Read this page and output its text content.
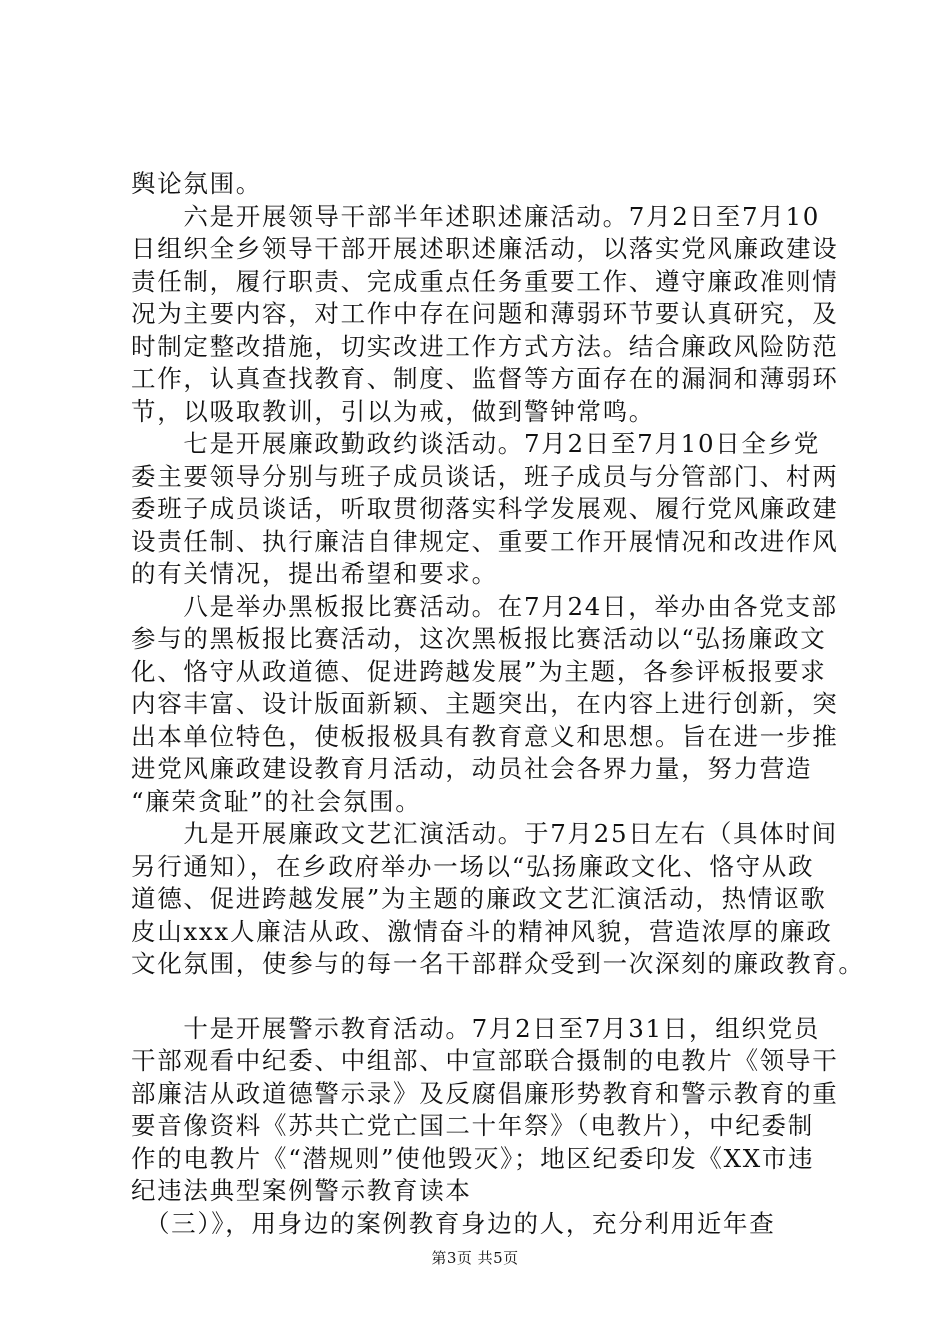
舆论氛围。
　　六是开展领导干部半年述职述廉活动。7月2日至7月10
日组织全乡领导干部开展述职述廉活动，以落实党风廉政建设
责任制，履行职责、完成重点任务重要工作、遵守廉政准则情
况为主要内容，对工作中存在问题和薄弱环节要认真研究，及
时制定整改措施，切实改进工作方式方法。结合廉政风险防范
工作，认真查找教育、制度、监督等方面存在的漏洞和薄弱环
节，以吸取教训，引以为戒，做到警钟常鸣。
　　七是开展廉政勤政约谈活动。7月2日至7月10日全乡党
委主要领导分别与班子成员谈话，班子成员与分管部门、村两
委班子成员谈话，听取贯彻落实科学发展观、履行党风廉政建
设责任制、执行廉洁自律规定、重要工作开展情况和改进作风
的有关情况，提出希望和要求。
　　八是举办黑板报比赛活动。在7月24日，举办由各党支部
参与的黑板报比赛活动，这次黑板报比赛活动以“弘扬廉政文
化、恪守从政道德、促进跨越发展”为主题，各参评板报要求
内容丰富、设计版面新颖、主题突出，在内容上进行创新，突
出本单位特色，使板报极具有教育意义和思想。旨在进一步推
进党风廉政建设教育月活动，动员社会各界力量，努力营造
“廉荣贪耻”的社会氛围。
　　九是开展廉政文艺汇演活动。于7月25日左右（具体时间
另行通知），在乡政府举办一场以“弘扬廉政文化、恪守从政
道德、促进跨越发展”为主题的廉政文艺汇演活动，热情讴歌
皮山xxx人廉洁从政、激情奋斗的精神风貌，营造浓厚的廉政
文化氛围，使参与的每一名干部群众受到一次深刻的廉政教育。
　　十是开展警示教育活动。7月2日至7月31日，组织党员
干部观看中纪委、中组部、中宣部联合摄制的电教片《领导干
部廉洁从政道德警示录》及反腐倡廉形势教育和警示教育的重
要音像资料《苏共亡党亡国二十年祭》（电教片），中纪委制
作的电教片《“潜规则”使他毁灭》；地区纪委印发《XX市违
纪违法典型案例警示教育读本
　（三）》，用身边的案例教育身边的人，充分利用近年查
第3页 共5页
